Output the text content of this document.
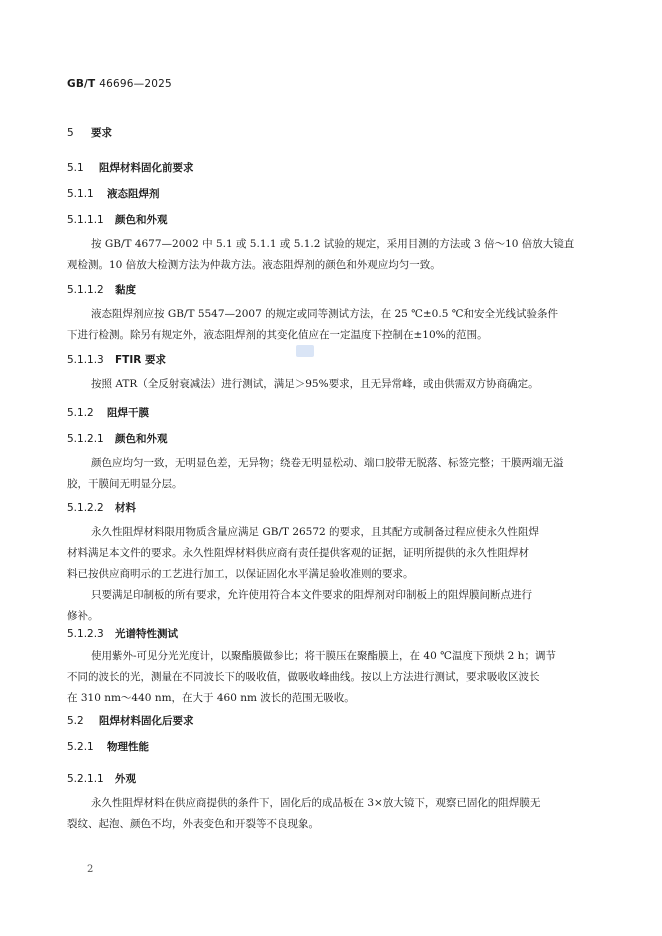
GB/T 46696—2025
5 要求
5.1 阻焊材料固化前要求
5.1.1 液态阻焊剂
5.1.1.1 颜色和外观
按 GB/T 4677—2002 中 5.1 或 5.1.1 或 5.1.2 试验的规定，采用目测的方法或 3 倍～10 倍放大镜直
观检测。10 倍放大检测方法为仲裁方法。液态阻焊剂的颜色和外观应均匀一致。
5.1.1.2 黏度
液态阻焊剂应按 GB/T 5547—2007 的规定或同等测试方法，在 25 ℃±0.5 ℃和安全光线试验条件
下进行检测。除另有规定外，液态阻焊剂的其变化值应在一定温度下控制在±10%的范围。
5.1.1.3 FTIR 要求
按照 ATR（全反射衰减法）进行测试，满足＞95%要求，且无异常峰，或由供需双方协商确定。
5.1.2 阻焊干膜
5.1.2.1 颜色和外观
颜色应均匀一致，无明显色差，无异物；绕卷无明显松动、端口胶带无脱落、标签完整；干膜两端无溢
胶，干膜间无明显分层。
5.1.2.2 材料
永久性阻焊材料限用物质含量应满足 GB/T 26572 的要求，且其配方或制备过程应使永久性阻焊
材料满足本文件的要求。永久性阻焊材料供应商有责任提供客观的证据，证明所提供的永久性阻焊材
料已按供应商明示的工艺进行加工，以保证固化水平满足验收准则的要求。
只要满足印制板的所有要求，允许使用符合本文件要求的阻焊剂对印制板上的阻焊膜间断点进行
修补。
5.1.2.3 光谱特性测试
使用紫外-可见分光光度计，以聚酯膜做参比；将干膜压在聚酯膜上，在 40 ℃温度下预烘 2 h；调节
不同的波长的光，测量在不同波长下的吸收值，做吸收峰曲线。按以上方法进行测试，要求吸收区波长
在 310 nm～440 nm，在大于 460 nm 波长的范围无吸收。
5.2 阻焊材料固化后要求
5.2.1 物理性能
5.2.1.1 外观
永久性阻焊材料在供应商提供的条件下，固化后的成品板在 3×放大镜下，观察已固化的阻焊膜无
裂纹、起泡、颜色不均，外表变色和开裂等不良现象。
2
